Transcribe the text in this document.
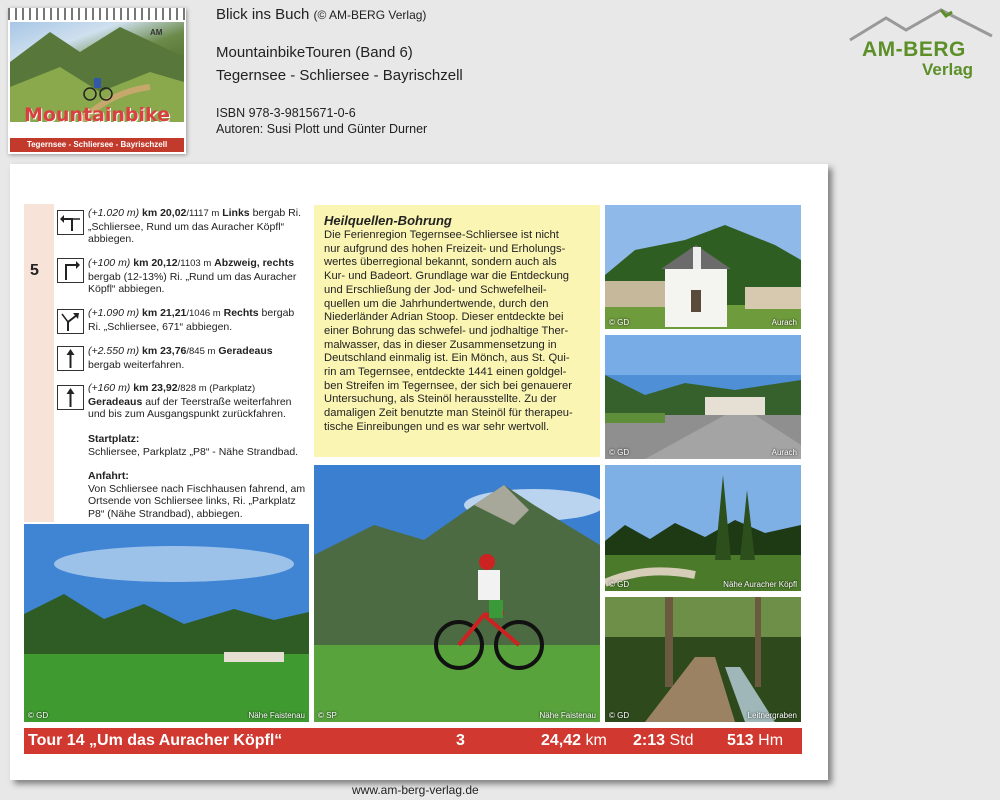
AM
Mountainbike
Touren
Tegernsee - Schliersee - Bayrischzell
Blick ins Buch (© AM-BERG Verlag)
MountainbikeTouren (Band 6)
Tegernsee - Schliersee - Bayrischzell
ISBN 978-3-9815671-0-6
Autoren: Susi Plott und Günter Durner
AM-BERG
Verlag
5
(+1.020 m) km 20,02/1117 m Links bergab Ri. „Schliersee, Rund um das Auracher Köpfl“ abbiegen.
(+100 m) km 20,12/1103 m Abzweig, rechts bergab (12-13%) Ri. „Rund um das Auracher Köpfl“ abbiegen.
(+1.090 m) km 21,21/1046 m Rechts bergab Ri. „Schliersee, 671“ abbiegen.
(+2.550 m) km 23,76/845 m Geradeaus bergab weiterfahren.
(+160 m) km 23,92/828 m (Parkplatz) Geradeaus auf der Teerstraße weiterfahren und bis zum Ausgangspunkt zurückfahren.
Startplatz:
Schliersee, Parkplatz „P8“ - Nähe Strandbad.
Anfahrt:
Von Schliersee nach Fischhausen fahrend, am Ortsende von Schliersee links, Ri. „Parkplatz P8“ (Nähe Strandbad), abbiegen.
Heilquellen-Bohrung
Die Ferienregion Tegernsee-Schliersee ist nicht
nur aufgrund des hohen Freizeit- und Erholungs-
wertes überregional bekannt, sondern auch als
Kur- und Badeort. Grundlage war die Entdeckung
und Erschließung der Jod- und Schwefelheil-
quellen um die Jahrhundertwende, durch den
Niederländer Adrian Stoop. Dieser entdeckte bei
einer Bohrung das schwefel- und jodhaltige Ther-
malwasser, das in dieser Zusammensetzung in
Deutschland einmalig ist. Ein Mönch, aus St. Qui-
rin am Tegernsee, entdeckte 1441 einen goldgel-
ben Streifen im Tegernsee, der sich bei genauerer
Untersuchung, als Steinöl herausstellte. Zu der
damaligen Zeit benutzte man Steinöl für therapeu-
tische Einreibungen und es war sehr wertvoll.
© GD	Aurach
© GD	Aurach
© GD	Nähe Auracher Köpfl
© GD	Leitnergraben
© GD	Nähe Faistenau © SP	Nähe Faistenau
Tour 14 „Um das Auracher Köpfl“	3	24,42 km 2:13 Std 513 Hm
www.am-berg-verlag.de
